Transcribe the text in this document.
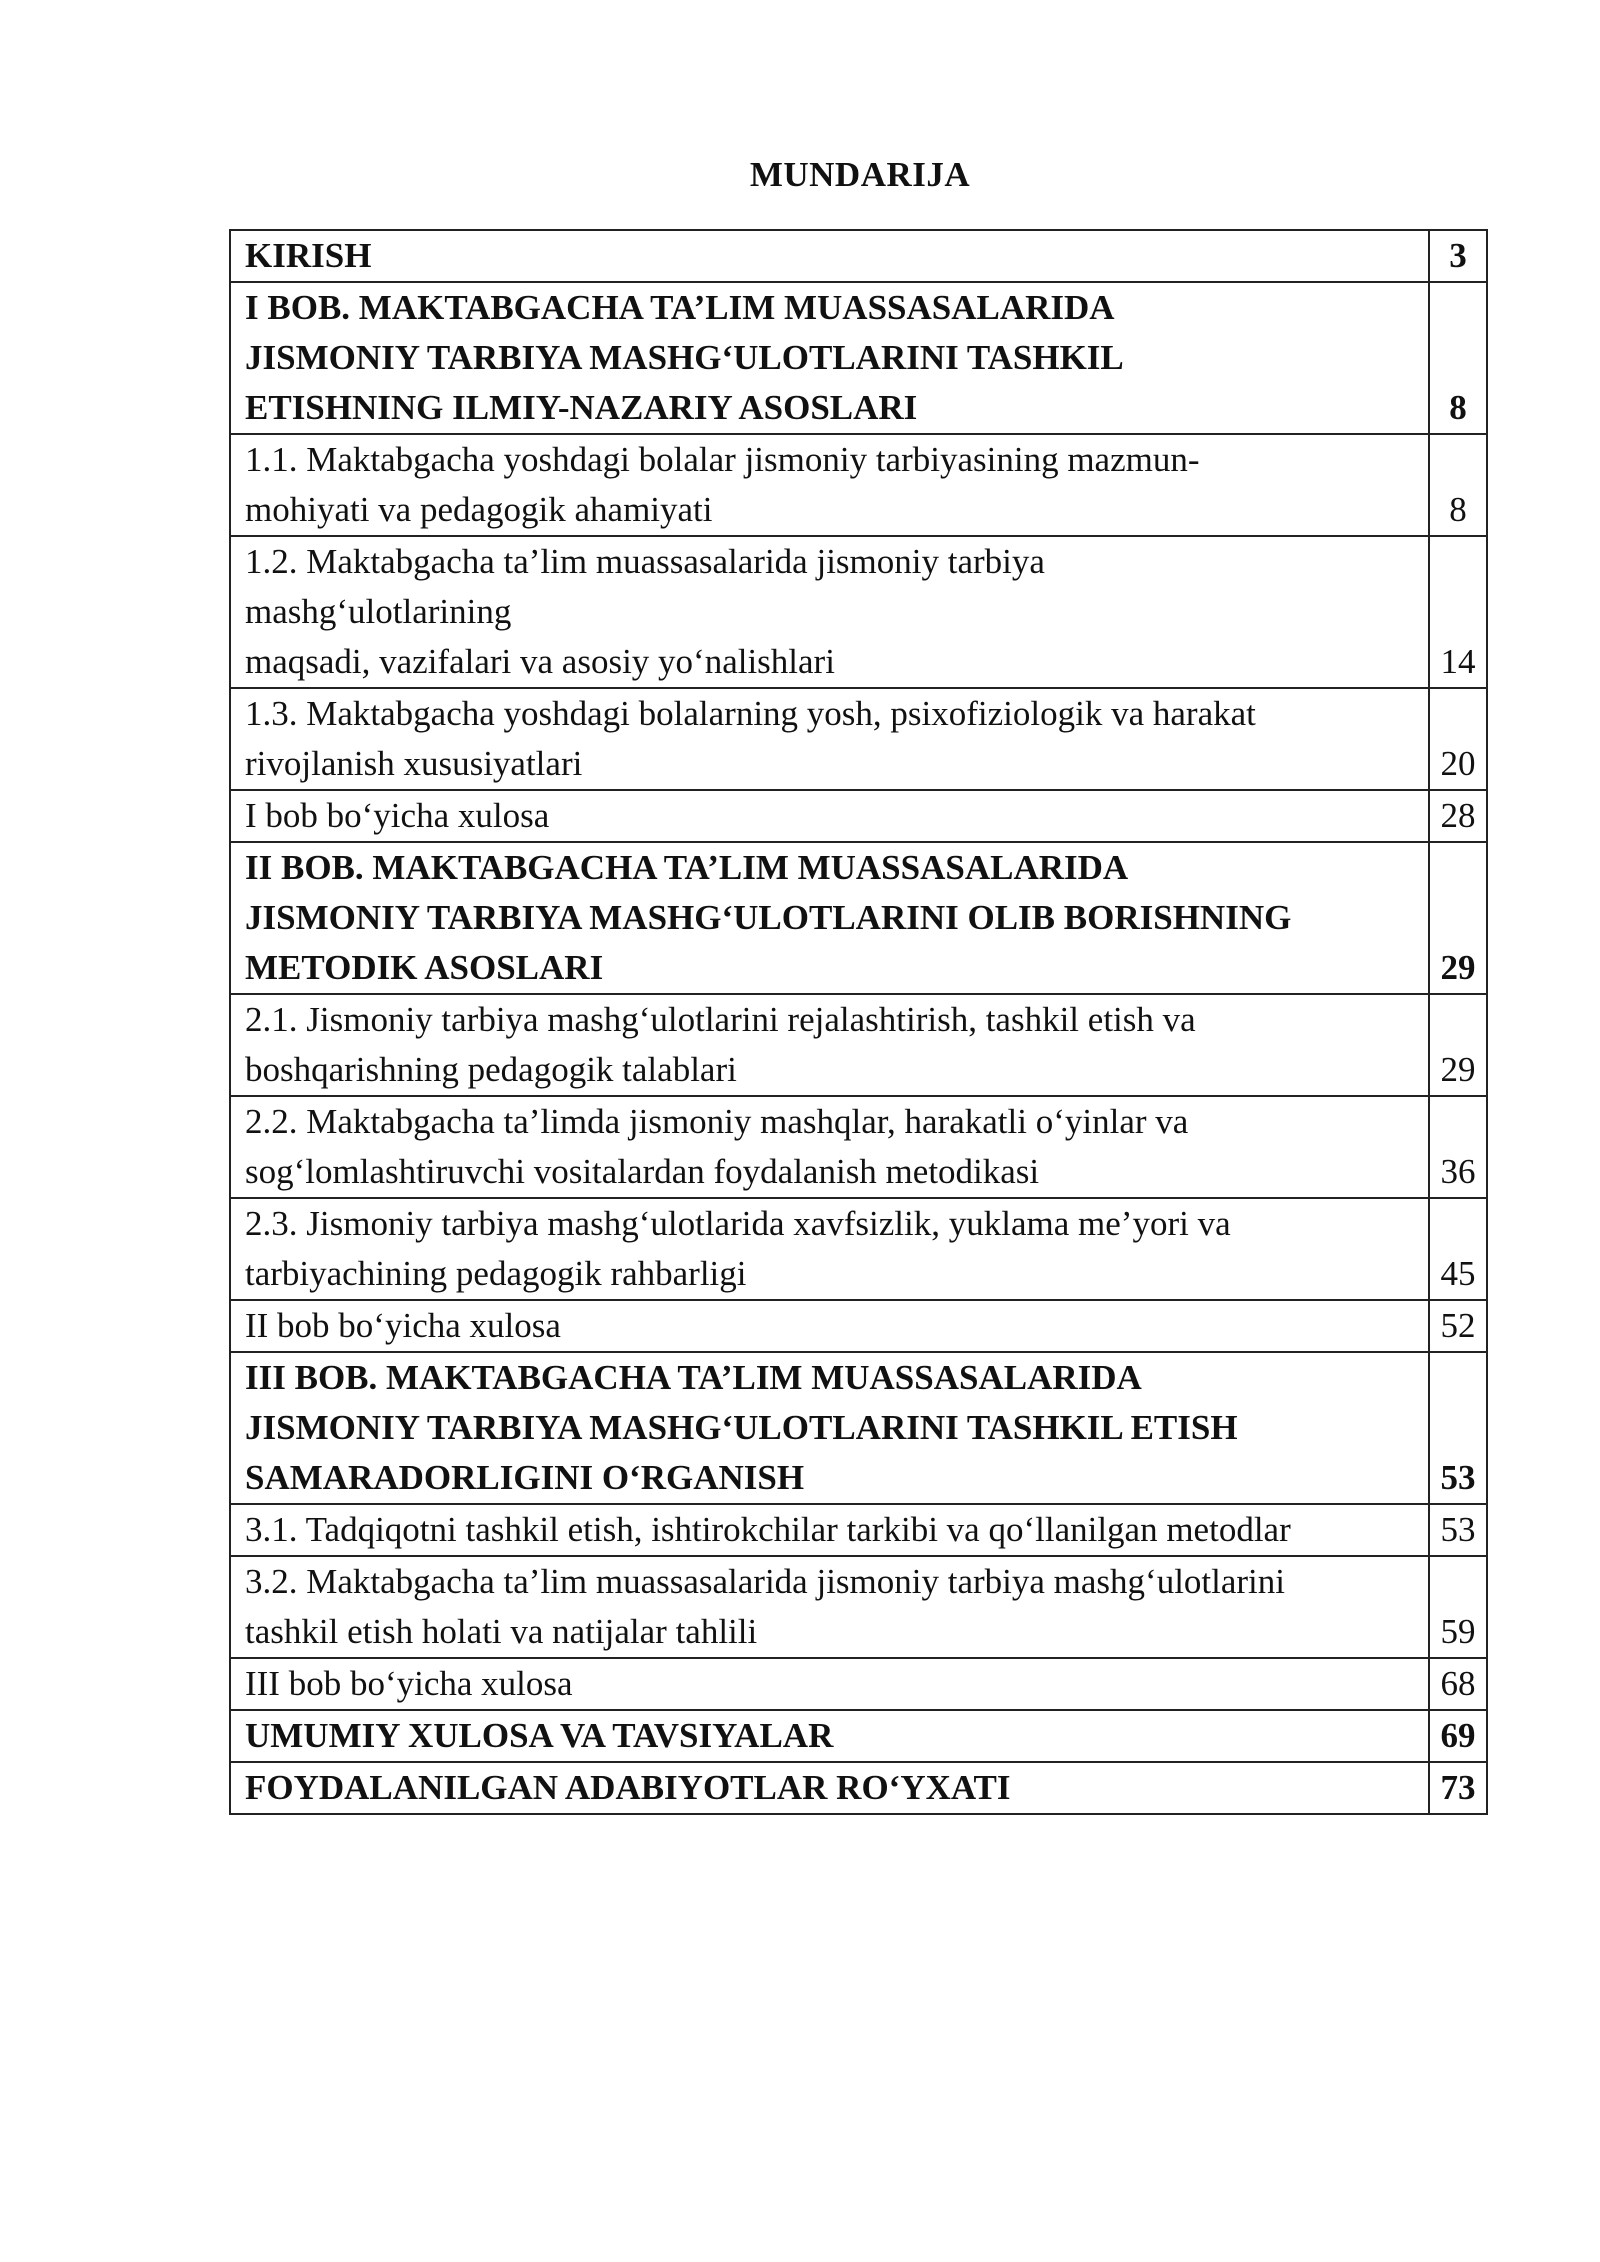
MUNDARIJA
KIRISH	3
I BOB. MAKTABGACHA TA’LIM MUASSASALARIDA
JISMONIY TARBIYA MASHG‘ULOTLARINI TASHKIL
ETISHNING ILMIY-NAZARIY ASOSLARI	8
1.1. Maktabgacha yoshdagi bolalar jismoniy tarbiyasining mazmun-
mohiyati va pedagogik ahamiyati	8
1.2. Maktabgacha ta’lim muassasalarida jismoniy tarbiya
mashg‘ulotlarining
maqsadi, vazifalari va asosiy yo‘nalishlari	14
1.3. Maktabgacha yoshdagi bolalarning yosh, psixofiziologik va harakat
rivojlanish xususiyatlari	20
I bob bo‘yicha xulosa	28
II BOB. MAKTABGACHA TA’LIM MUASSASALARIDA
JISMONIY TARBIYA MASHG‘ULOTLARINI OLIB BORISHNING
METODIK ASOSLARI	29
2.1. Jismoniy tarbiya mashg‘ulotlarini rejalashtirish, tashkil etish va
boshqarishning pedagogik talablari	29
2.2. Maktabgacha ta’limda jismoniy mashqlar, harakatli o‘yinlar va
sog‘lomlashtiruvchi vositalardan foydalanish metodikasi	36
2.3. Jismoniy tarbiya mashg‘ulotlarida xavfsizlik, yuklama me’yori va
tarbiyachining pedagogik rahbarligi	45
II bob bo‘yicha xulosa	52
III BOB. MAKTABGACHA TA’LIM MUASSASALARIDA
JISMONIY TARBIYA MASHG‘ULOTLARINI TASHKIL ETISH
SAMARADORLIGINI O‘RGANISH	53
3.1. Tadqiqotni tashkil etish, ishtirokchilar tarkibi va qo‘llanilgan metodlar	53
3.2. Maktabgacha ta’lim muassasalarida jismoniy tarbiya mashg‘ulotlarini
tashkil etish holati va natijalar tahlili	59
III bob bo‘yicha xulosa	68
UMUMIY XULOSA VA TAVSIYALAR	69
FOYDALANILGAN ADABIYOTLAR RO‘YXATI	73
